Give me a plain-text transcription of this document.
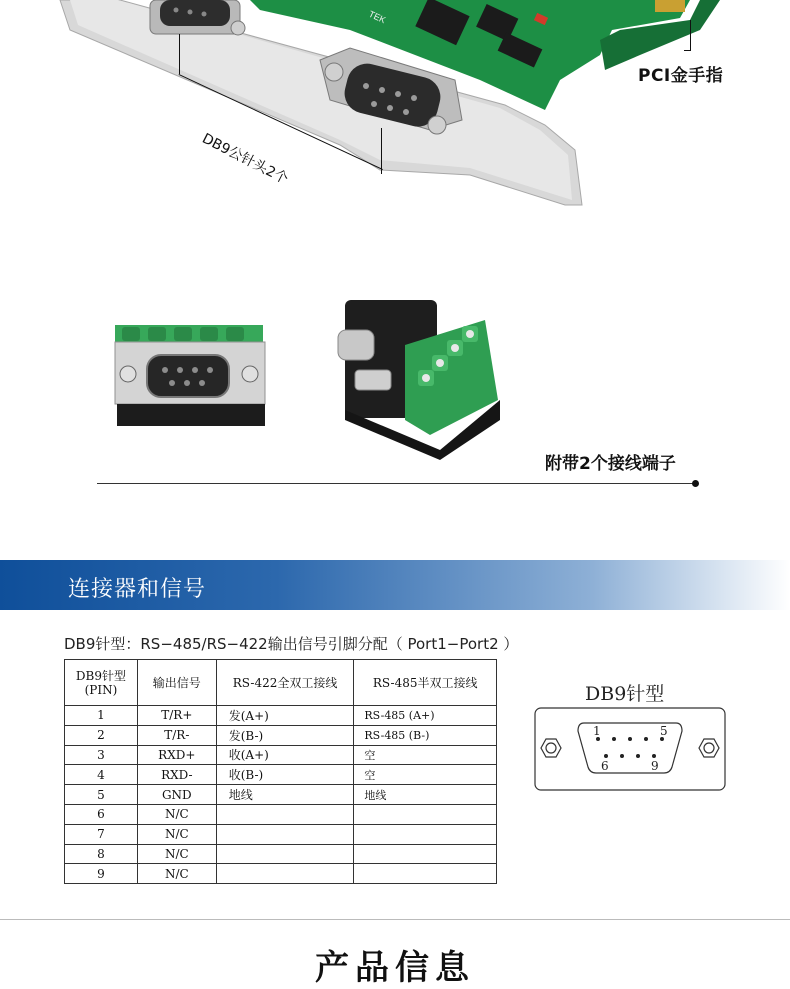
TEK
PCI金手指
DB9公针头2个
附带2个接线端子
连接器和信号
DB9针型：RS−485/RS−422输出信号引脚分配（ Port1−Port2 ）
DB9针型
(PIN)	输出信号	RS-422全双工接线	RS-485半双工接线
1	T/R+	发(A+)	RS-485 (A+)
2	T/R-	发(B-)	RS-485 (B-)
3	RXD+	收(A+)	空
4	RXD-	收(B-)	空
5	GND	地线	地线
6	N/C		
7	N/C		
8	N/C		
9	N/C		
DB9针型
1	5
6	9
产品信息
